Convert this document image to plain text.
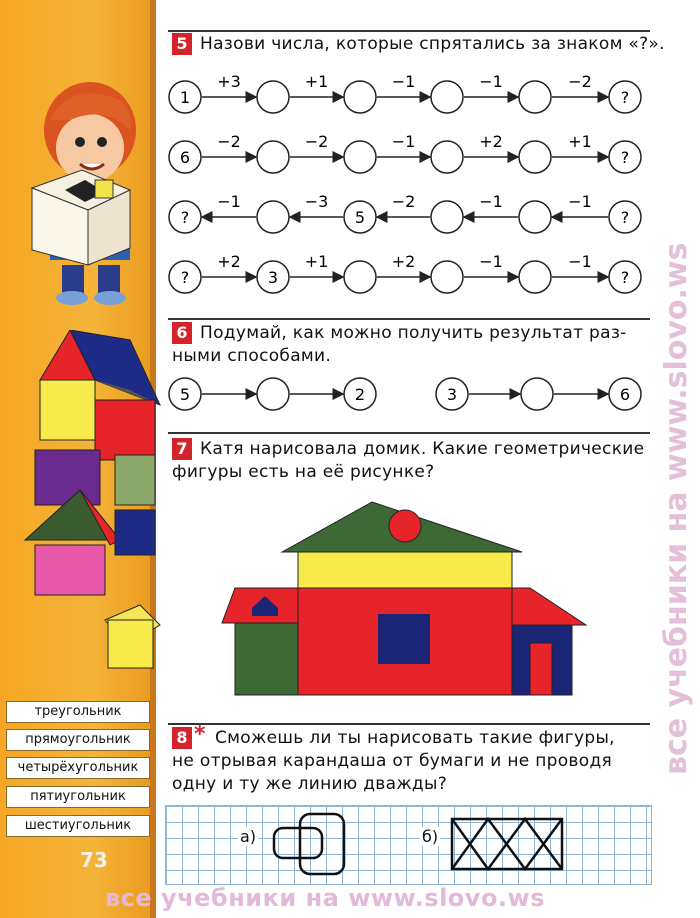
треугольник
прямоугольник
четырёхугольник
пятиугольник
шестиугольник
73
5 Назови числа, которые спрятались за знаком «?».
+3	+1	−1	−1	−2
1	?
−2	−2	−1	+2	+1
6	?
−1	−3	−2	−1	−1
?	5	?
+2	+1	+2	−1	−1
?	3	?
6 Подумай, как можно получить результат раз-
ными способами.
5	2	3	6
7 Катя нарисовала домик. Какие геометрические
фигуры есть на её рисунке?
8 * Сможешь ли ты нарисовать такие фигуры,
не отрывая карандаша от бумаги и не проводя
одну и ту же линию дважды?
а)	б)
все учебники на www.slovo.ws
все учебники на www.slovo.ws
